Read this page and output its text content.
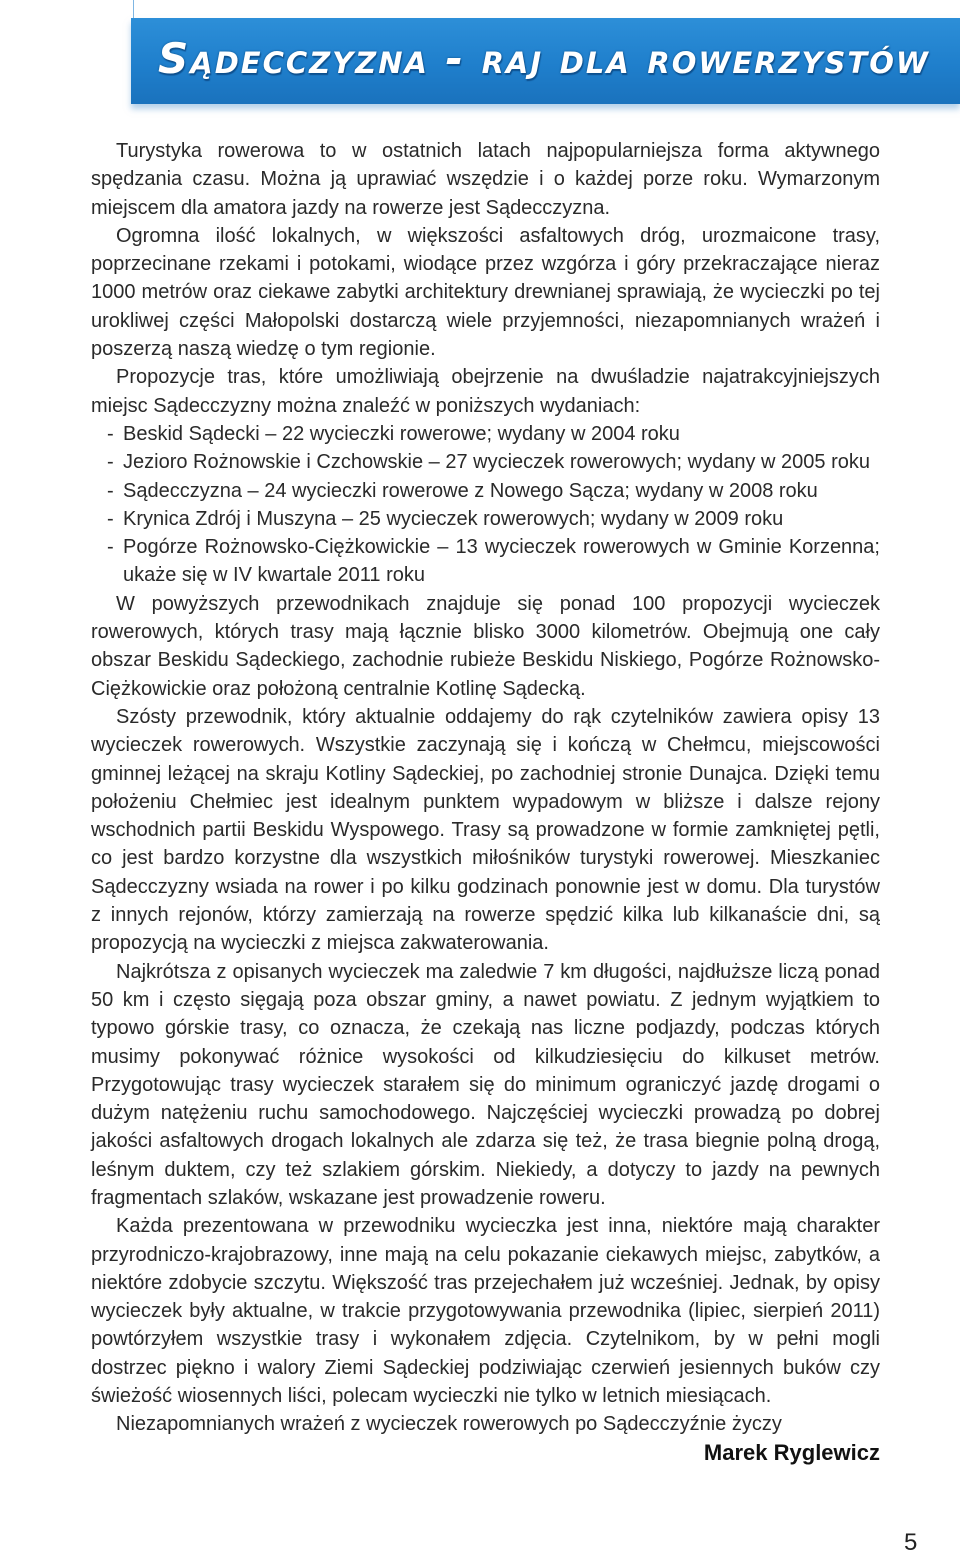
Sądecczyzna - raj dla rowerzystów

Turystyka rowerowa to w ostatnich latach najpopularniejsza forma aktywnego spędzania czasu. Można ją uprawiać wszędzie i o każdej porze roku. Wymarzonym miejscem dla amatora jazdy na rowerze jest Sądecczyzna.

Ogromna ilość lokalnych, w większości asfaltowych dróg, urozmaicone trasy, poprzecinane rzekami i potokami, wiodące przez wzgórza i góry przekraczające nieraz 1000 metrów oraz ciekawe zabytki architektury drewnianej sprawiają, że wycieczki po tej urokliwej części Małopolski dostarczą wiele przyjemności, niezapomnianych wrażeń i poszerzą naszą wiedzę o tym regionie.

Propozycje tras, które umożliwiają obejrzenie na dwuśladzie najatrakcyjniejszych miejsc Sądecczyzny można znaleźć w poniższych wydaniach:

- Beskid Sądecki – 22 wycieczki rowerowe; wydany w 2004 roku
- Jezioro Rożnowskie i Czchowskie – 27 wycieczek rowerowych; wydany w 2005 roku
- Sądecczyzna – 24 wycieczki rowerowe z Nowego Sącza; wydany w 2008 roku
- Krynica Zdrój i Muszyna – 25 wycieczek rowerowych; wydany w 2009 roku
- Pogórze Rożnowsko-Ciężkowickie – 13 wycieczek rowerowych w Gminie Korzenna; ukaże się w IV kwartale 2011 roku

W powyższych przewodnikach znajduje się ponad 100 propozycji wycieczek rowerowych, których trasy mają łącznie blisko 3000 kilometrów. Obejmują one cały obszar Beskidu Sądeckiego, zachodnie rubieże Beskidu Niskiego, Pogórze Rożnowsko-Ciężkowickie oraz położoną centralnie Kotlinę Sądecką.

Szósty przewodnik, który aktualnie oddajemy do rąk czytelników zawiera opisy 13 wycieczek rowerowych. Wszystkie zaczynają się i kończą w Chełmcu, miejscowości gminnej leżącej na skraju Kotliny Sądeckiej, po zachodniej stronie Dunajca. Dzięki temu położeniu Chełmiec jest idealnym punktem wypadowym w bliższe i dalsze rejony wschodnich partii Beskidu Wyspowego. Trasy są prowadzone w formie zamkniętej pętli, co jest bardzo korzystne dla wszystkich miłośników turystyki rowerowej. Mieszkaniec Sądecczyzny wsiada na rower i po kilku godzinach ponownie jest w domu. Dla turystów z innych rejonów, którzy zamierzają na rowerze spędzić kilka lub kilkanaście dni, są propozycją na wycieczki z miejsca zakwaterowania.

Najkrótsza z opisanych wycieczek ma zaledwie 7 km długości, najdłuższe liczą ponad 50 km i często sięgają poza obszar gminy, a nawet powiatu. Z jednym wyjątkiem to typowo górskie trasy, co oznacza, że czekają nas liczne podjazdy, podczas których musimy pokonywać różnice wysokości od kilkudziesięciu do kilkuset metrów. Przygotowując trasy wycieczek starałem się do minimum ograniczyć jazdę drogami o dużym natężeniu ruchu samochodowego. Najczęściej wycieczki prowadzą po dobrej jakości asfaltowych drogach lokalnych ale zdarza się też, że trasa biegnie polną drogą, leśnym duktem, czy też szlakiem górskim. Niekiedy, a dotyczy to jazdy na pewnych fragmentach szlaków, wskazane jest prowadzenie roweru.

Każda prezentowana w przewodniku wycieczka jest inna, niektóre mają charakter przyrodniczo-krajobrazowy, inne mają na celu pokazanie ciekawych miejsc, zabytków, a niektóre zdobycie szczytu. Większość tras przejechałem już wcześniej. Jednak, by opisy wycieczek były aktualne, w trakcie przygotowywania przewodnika (lipiec, sierpień 2011) powtórzyłem wszystkie trasy i wykonałem zdjęcia. Czytelnikom, by w pełni mogli dostrzec piękno i walory Ziemi Sądeckiej podziwiając czerwień jesiennych buków czy świeżość wiosennych liści, polecam wycieczki nie tylko w letnich miesiącach.

Niezapomnianych wrażeń z wycieczek rowerowych po Sądecczyźnie życzy

Marek Ryglewicz
5
